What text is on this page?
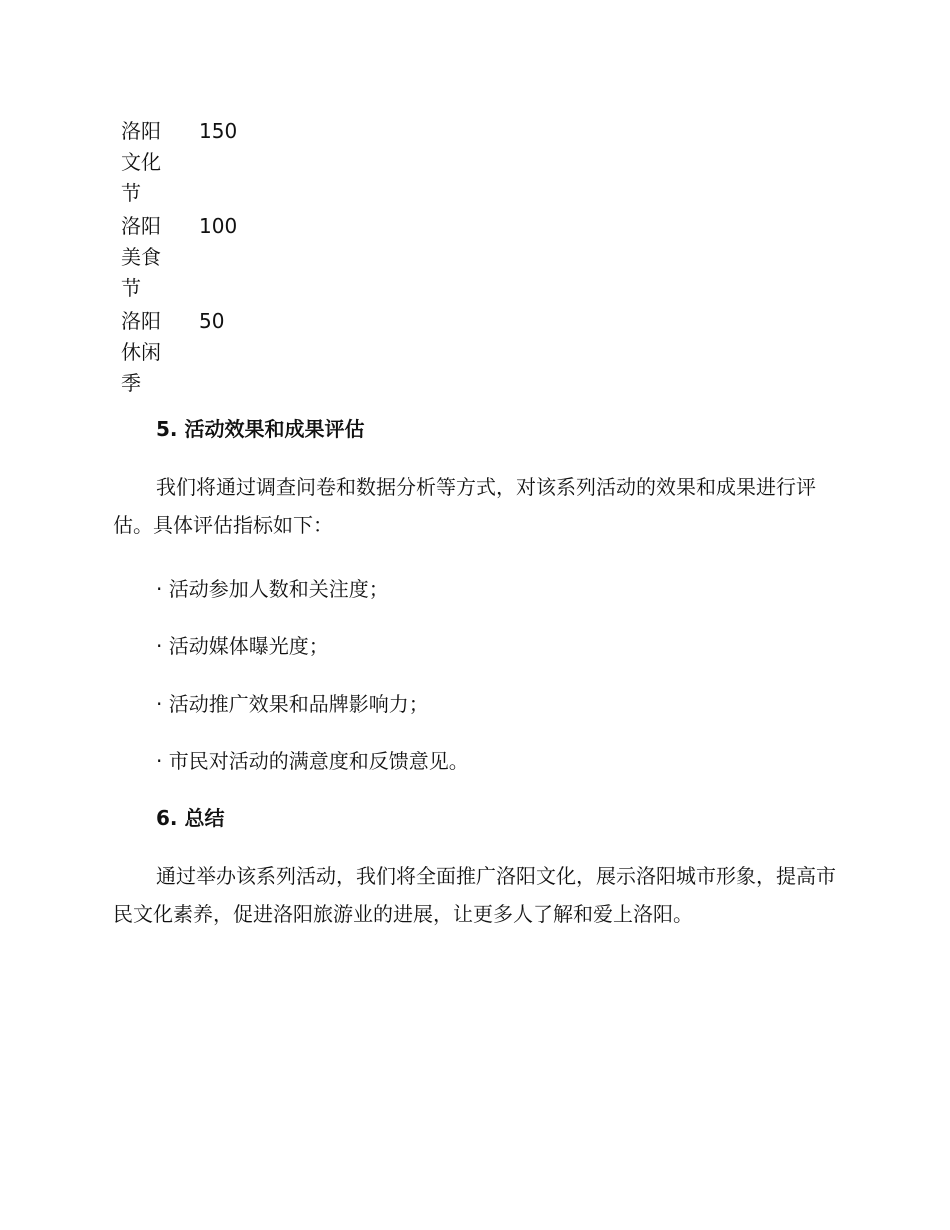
洛阳文化节	150
洛阳美食节	100
洛阳休闲季	50
5. 活动效果和成果评估

我们将通过调查问卷和数据分析等方式，对该系列活动的效果和成果进行评估。具体评估指标如下：

· 活动参加人数和关注度；

· 活动媒体曝光度；

· 活动推广效果和品牌影响力；

· 市民对活动的满意度和反馈意见。

6. 总结

通过举办该系列活动，我们将全面推广洛阳文化，展示洛阳城市形象，提高市民文化素养，促进洛阳旅游业的进展，让更多人了解和爱上洛阳。
